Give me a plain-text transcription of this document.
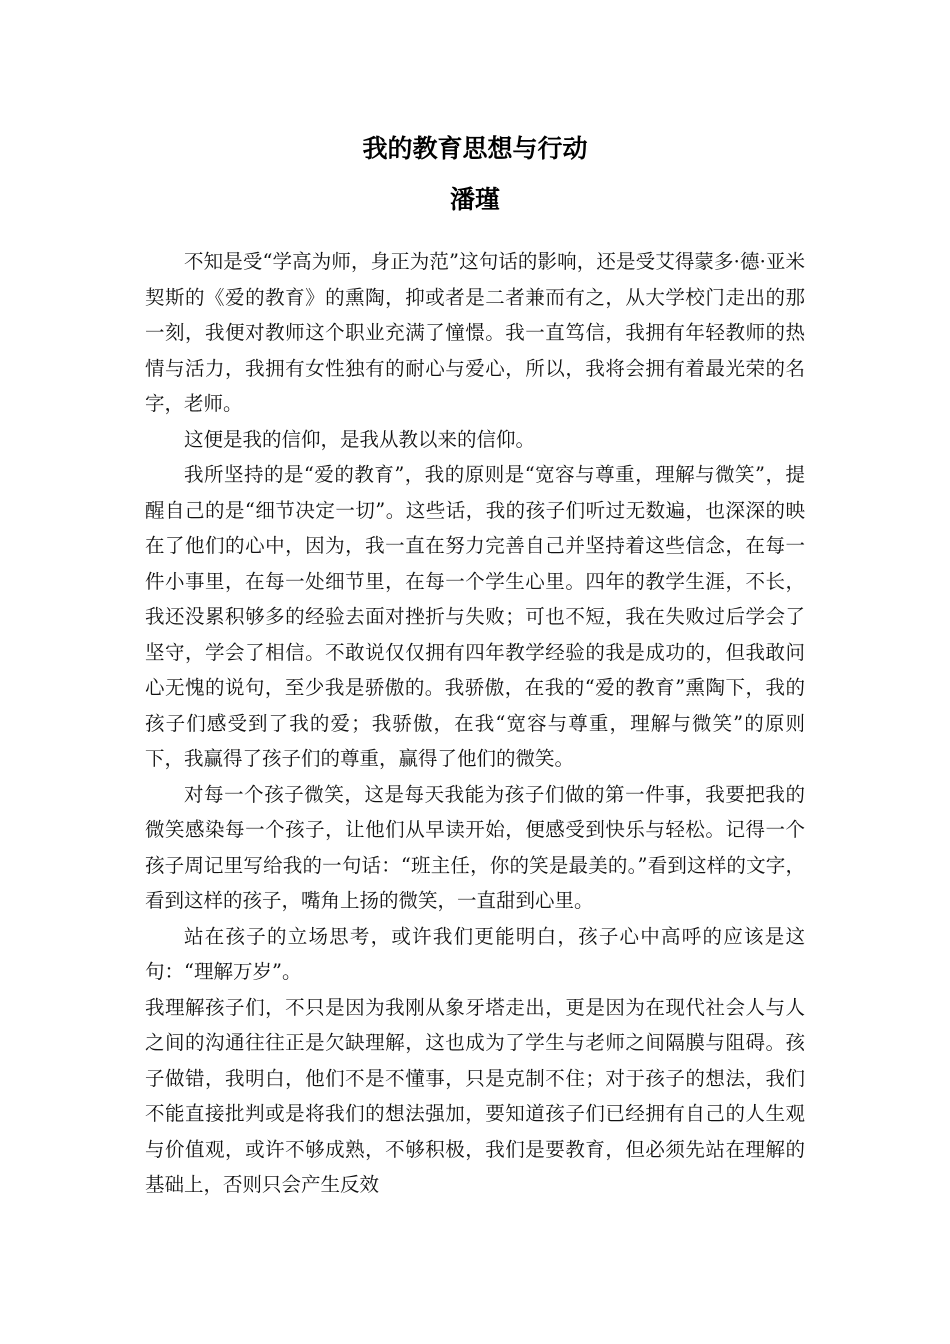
我的教育思想与行动
潘瑾

不知是受“学高为师，身正为范”这句话的影响，还是受艾得蒙多·德·亚米契斯的《爱的教育》的熏陶，抑或者是二者兼而有之，从大学校门走出的那一刻，我便对教师这个职业充满了憧憬。我一直笃信，我拥有年轻教师的热情与活力，我拥有女性独有的耐心与爱心，所以，我将会拥有着最光荣的名字，老师。

这便是我的信仰，是我从教以来的信仰。

我所坚持的是“爱的教育”，我的原则是“宽容与尊重，理解与微笑”，提醒自己的是“细节决定一切”。这些话，我的孩子们听过无数遍，也深深的映在了他们的心中，因为，我一直在努力完善自己并坚持着这些信念，在每一件小事里，在每一处细节里，在每一个学生心里。四年的教学生涯，不长，我还没累积够多的经验去面对挫折与失败；可也不短，我在失败过后学会了坚守，学会了相信。不敢说仅仅拥有四年教学经验的我是成功的，但我敢问心无愧的说句，至少我是骄傲的。我骄傲，在我的“爱的教育”熏陶下，我的孩子们感受到了我的爱；我骄傲，在我“宽容与尊重，理解与微笑”的原则下，我赢得了孩子们的尊重，赢得了他们的微笑。

对每一个孩子微笑，这是每天我能为孩子们做的第一件事，我要把我的微笑感染每一个孩子，让他们从早读开始，便感受到快乐与轻松。记得一个孩子周记里写给我的一句话：“班主任，你的笑是最美的。”看到这样的文字，看到这样的孩子，嘴角上扬的微笑，一直甜到心里。

站在孩子的立场思考，或许我们更能明白，孩子心中高呼的应该是这句：“理解万岁”。

我理解孩子们，不只是因为我刚从象牙塔走出，更是因为在现代社会人与人之间的沟通往往正是欠缺理解，这也成为了学生与老师之间隔膜与阻碍。孩子做错，我明白，他们不是不懂事，只是克制不住；对于孩子的想法，我们不能直接批判或是将我们的想法强加，要知道孩子们已经拥有自己的人生观与价值观，或许不够成熟，不够积极，我们是要教育，但必须先站在理解的基础上，否则只会产生反效
